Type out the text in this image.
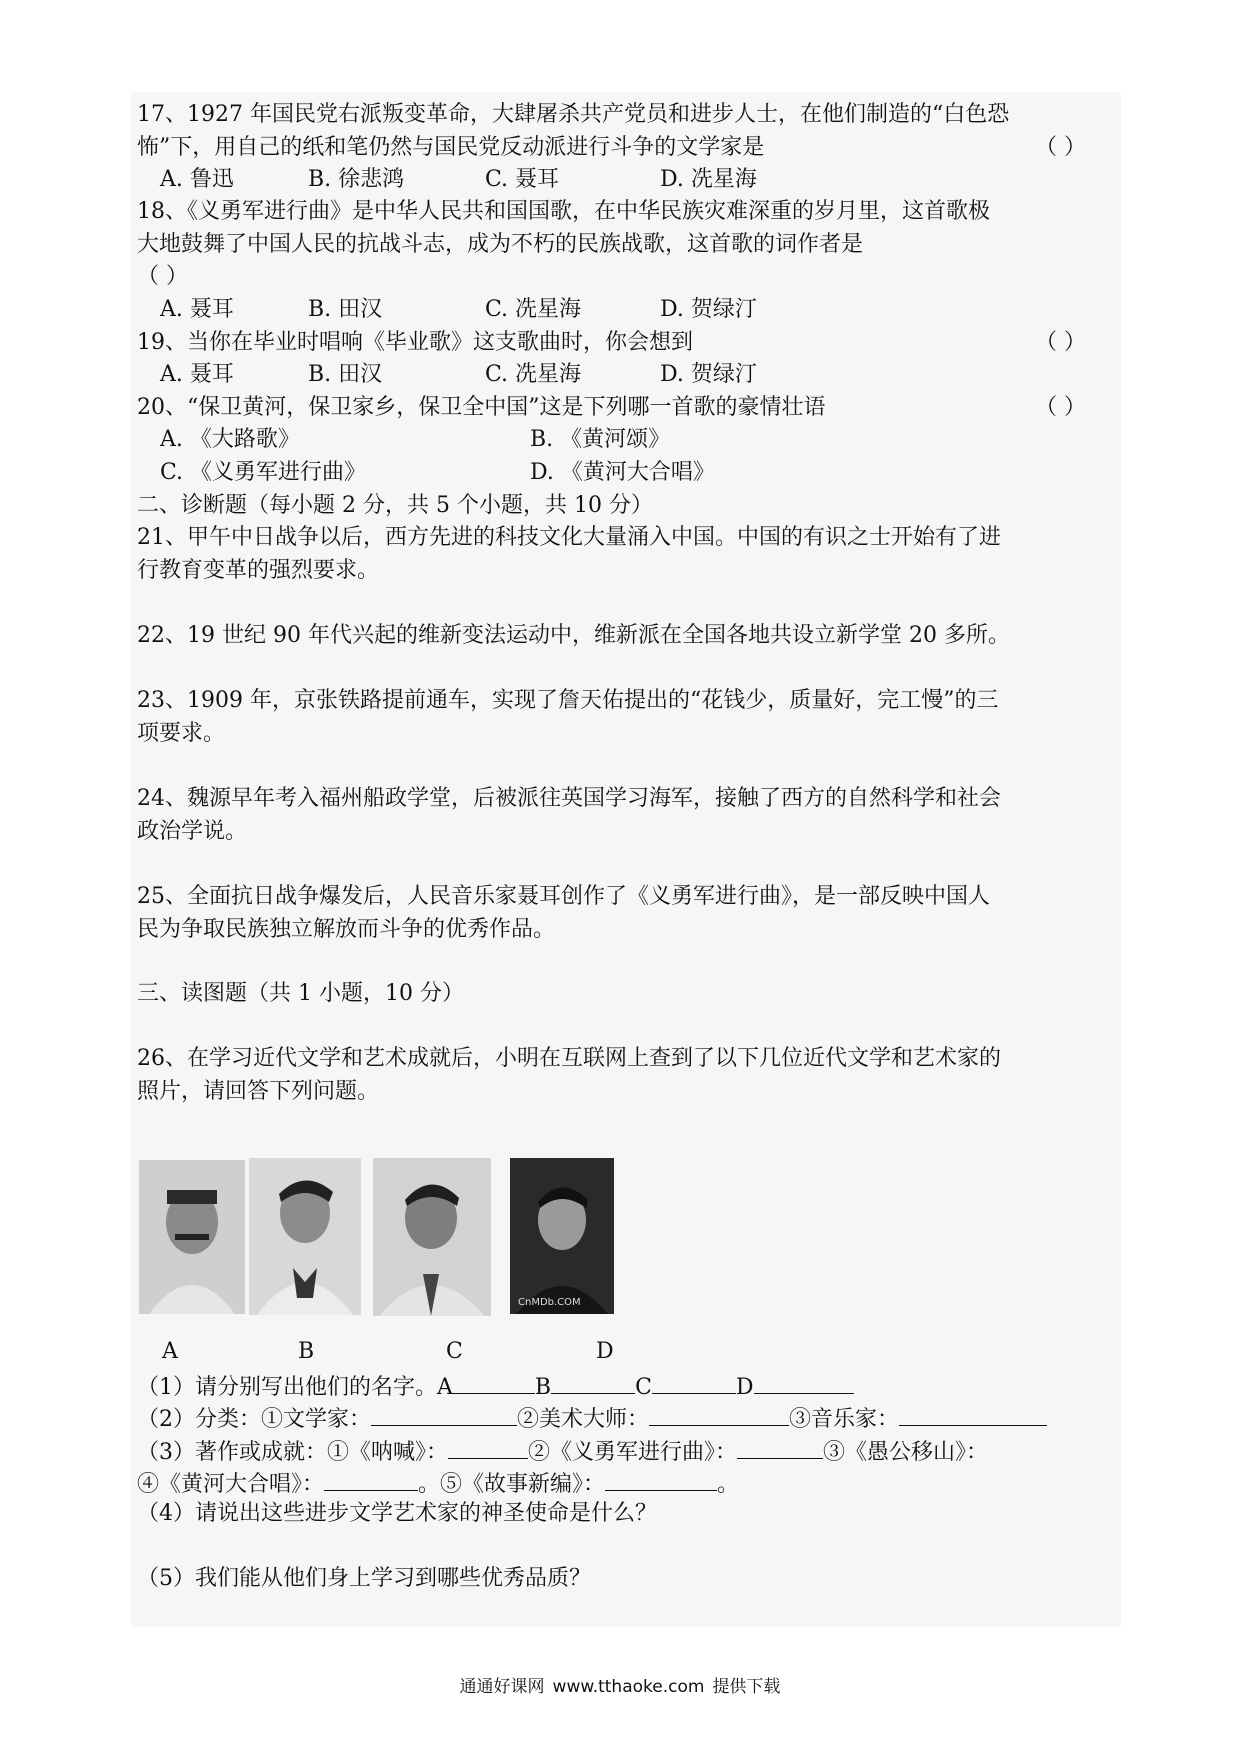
17、1927 年国民党右派叛变革命，大肆屠杀共产党员和进步人士，在他们制造的“白色恐
怖”下，用自己的纸和笔仍然与国民党反动派进行斗争的文学家是	（ ）
A. 鲁迅	B. 徐悲鸿	C. 聂耳	D. 冼星海
18、《义勇军进行曲》是中华人民共和国国歌，在中华民族灾难深重的岁月里，这首歌极
大地鼓舞了中国人民的抗战斗志，成为不朽的民族战歌，这首歌的词作者是
（ ）
A. 聂耳	B. 田汉	C. 冼星海	D. 贺绿汀
19、当你在毕业时唱响《毕业歌》这支歌曲时，你会想到	（ ）
A. 聂耳	B. 田汉	C. 冼星海	D. 贺绿汀
20、“保卫黄河，保卫家乡，保卫全中国”这是下列哪一首歌的豪情壮语	（ ）
A. 《大路歌》	B. 《黄河颂》
C. 《义勇军进行曲》	D. 《黄河大合唱》
二、诊断题（每小题 2 分，共 5 个小题，共 10 分）
21、甲午中日战争以后，西方先进的科技文化大量涌入中国。中国的有识之士开始有了进
行教育变革的强烈要求。
22、19 世纪 90 年代兴起的维新变法运动中，维新派在全国各地共设立新学堂 20 多所。
23、1909 年，京张铁路提前通车，实现了詹天佑提出的“花钱少，质量好，完工慢”的三
项要求。
24、魏源早年考入福州船政学堂，后被派往英国学习海军，接触了西方的自然科学和社会
政治学说。
25、全面抗日战争爆发后，人民音乐家聂耳创作了《义勇军进行曲》，是一部反映中国人
民为争取民族独立解放而斗争的优秀作品。
三、读图题（共 1 小题，10 分）
26、在学习近代文学和艺术成就后，小明在互联网上查到了以下几位近代文学和艺术家的
照片，请回答下列问题。
CnMDb.COM
A	B	C	D
（1）请分别写出他们的名字。A	B	C	D
（2）分类：①文学家：	②美术大师：	③音乐家：
（3）著作或成就：①《呐喊》：	②《义勇军进行曲》：	③《愚公移山》：
④《黄河大合唱》：	。⑤《故事新编》：	。
（4）请说出这些进步文学艺术家的神圣使命是什么？
（5）我们能从他们身上学习到哪些优秀品质？
通通好课网 www.tthaoke.com 提供下载
